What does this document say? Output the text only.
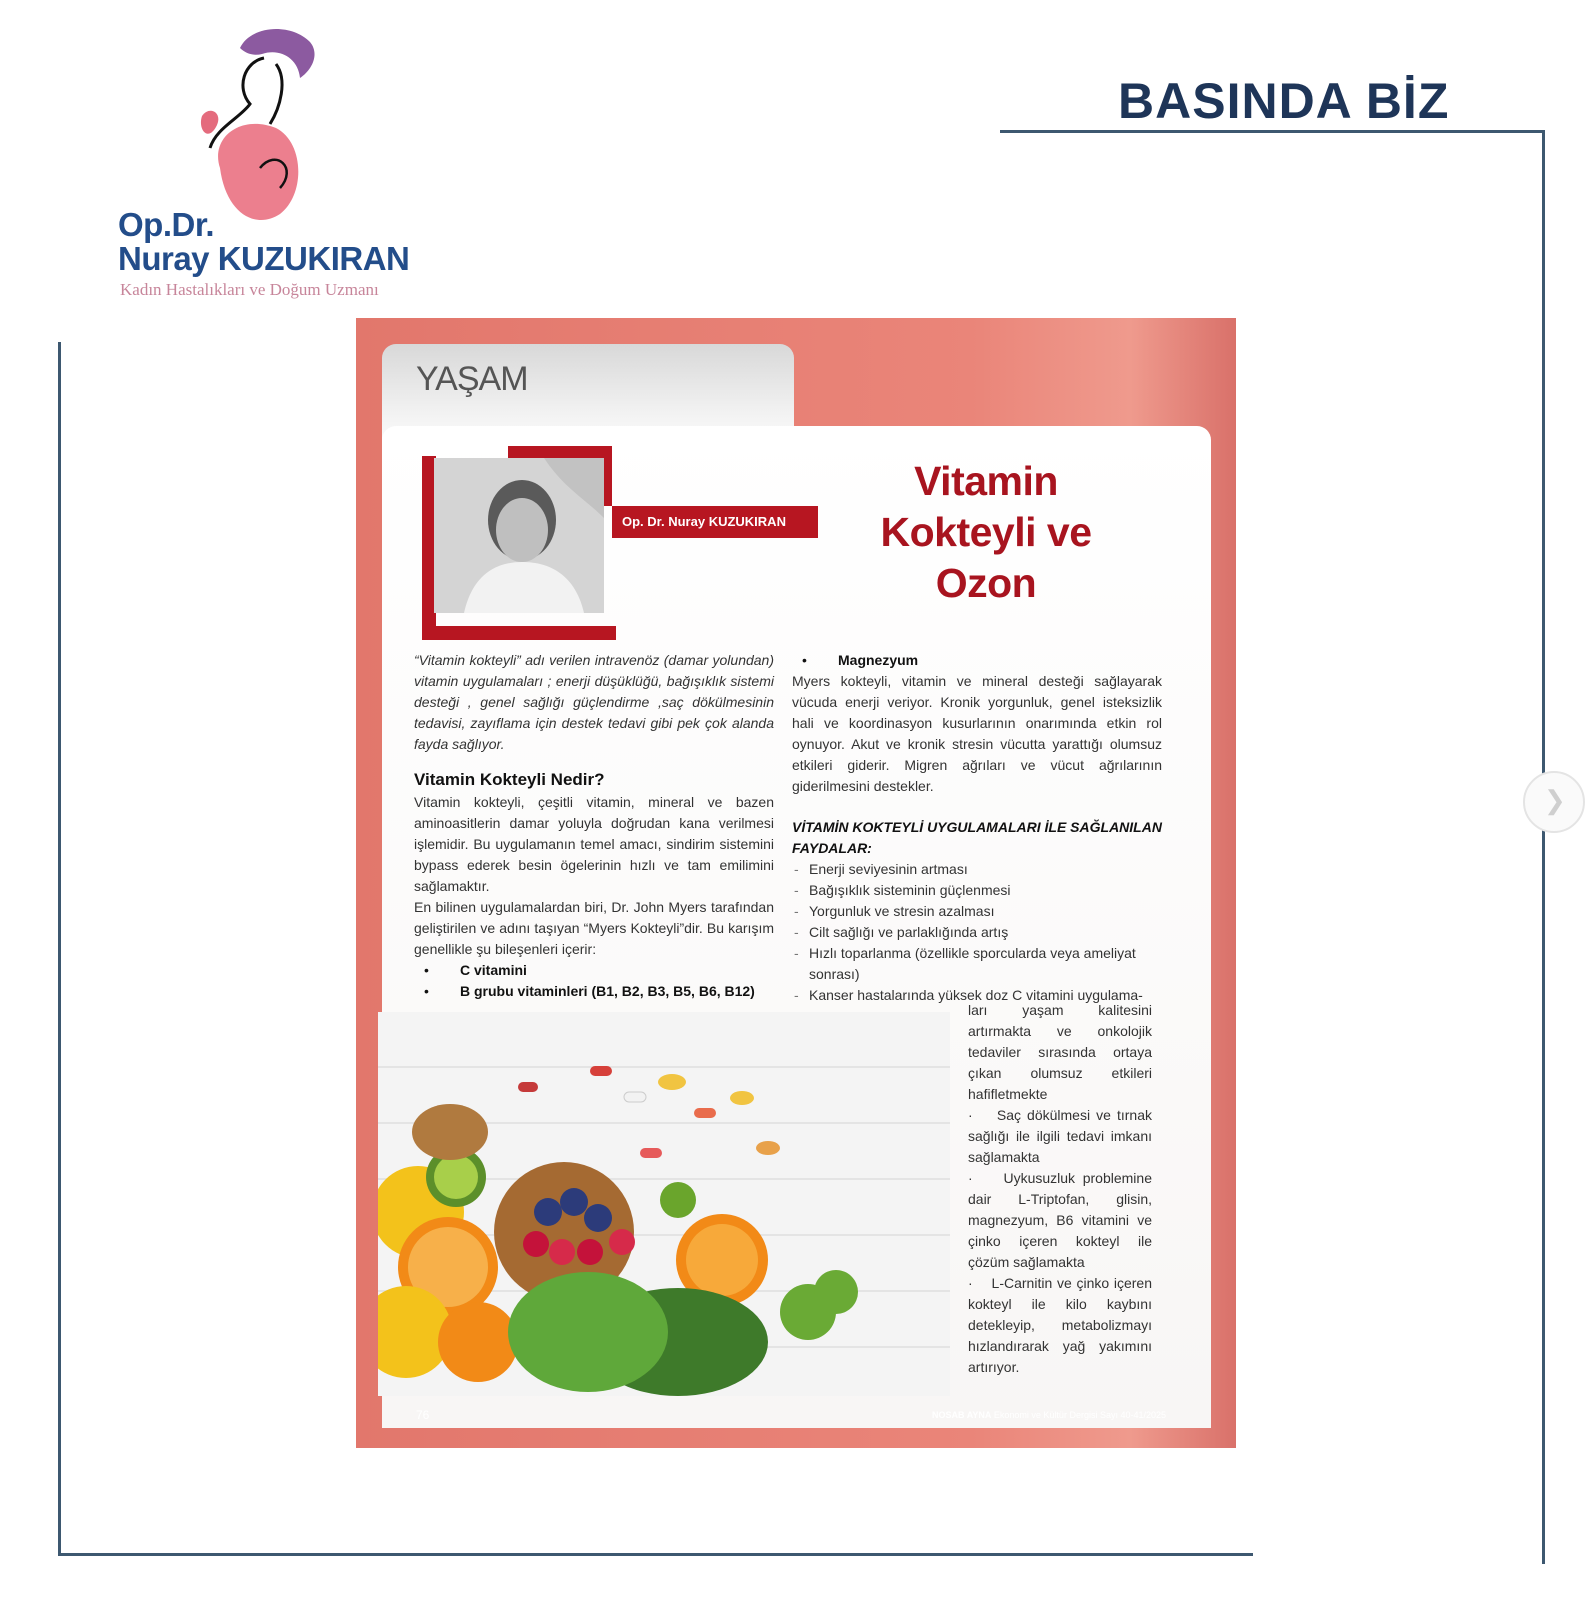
Op.Dr.
Nuray KUZUKIRAN
Kadın Hastalıkları ve Doğum Uzmanı
BASINDA BİZ
YAŞAM
Op. Dr. Nuray KUZUKIRAN
Vitamin
Kokteyli ve
Ozon

“Vitamin kokteyli” adı verilen intravenöz (damar yolundan) vitamin uygulamaları ; enerji düşüklüğü, bağışıklık sistemi desteği , genel sağlığı güçlendirme ,saç dökülmesinin tedavisi, zayıflama için destek tedavi gibi pek çok alanda fayda sağlıyor.

Vitamin Kokteyli Nedir?

Vitamin kokteyli, çeşitli vitamin, mineral ve bazen aminoasitlerin damar yoluyla doğrudan kana verilmesi işlemidir. Bu uygulamanın temel amacı, sindirim sistemini bypass ederek besin ögelerinin hızlı ve tam emilimini sağlamaktır.

En bilinen uygulamalardan biri, Dr. John Myers tarafından geliştirilen ve adını taşıyan “Myers Kokteyli”dir. Bu karışım genellikle şu bileşenleri içerir:

• C vitamini
• B grubu vitaminleri (B1, B2, B3, B5, B6, B12)
• Magnezyum

Myers kokteyli, vitamin ve mineral desteği sağlayarak vücuda enerji veriyor. Kronik yorgunluk, genel isteksizlik hali ve koordinasyon kusurlarının onarımında etkin rol oynuyor. Akut ve kronik stresin vücutta yarattığı olumsuz etkileri giderir. Migren ağrıları ve vücut ağrılarının giderilmesini destekler.

VİTAMİN KOKTEYLİ UYGULAMALARI İLE SAĞLANILAN FAYDALAR:
- Enerji seviyesinin artması
- Bağışıklık sisteminin güçlenmesi
- Yorgunluk ve stresin azalması
- Cilt sağlığı ve parlaklığında artış
- Hızlı toparlanma (özellikle sporcularda veya ameliyat sonrası)
- Kanser hastalarında yüksek doz C vitamini uygulama-

ları yaşam kalitesini artırmakta ve onkolojik tedaviler sırasında ortaya çıkan olumsuz etkileri hafifletmekte

·    Saç dökülmesi ve tırnak sağlığı ile ilgili tedavi imkanı sağlamakta

·    Uykusuzluk problemine dair L-Triptofan, glisin, magnezyum, B6 vitamini ve çinko içeren kokteyl ile çözüm sağlamakta

·    L-Carnitin ve çinko içeren kokteyl ile kilo kaybını detekleyip, metabolizmayı hızlandırarak yağ yakımını artırıyor.

76	NOSAB AYNA Ekonomi ve Kültür Dergisi Sayı 40-41/2025
❯
